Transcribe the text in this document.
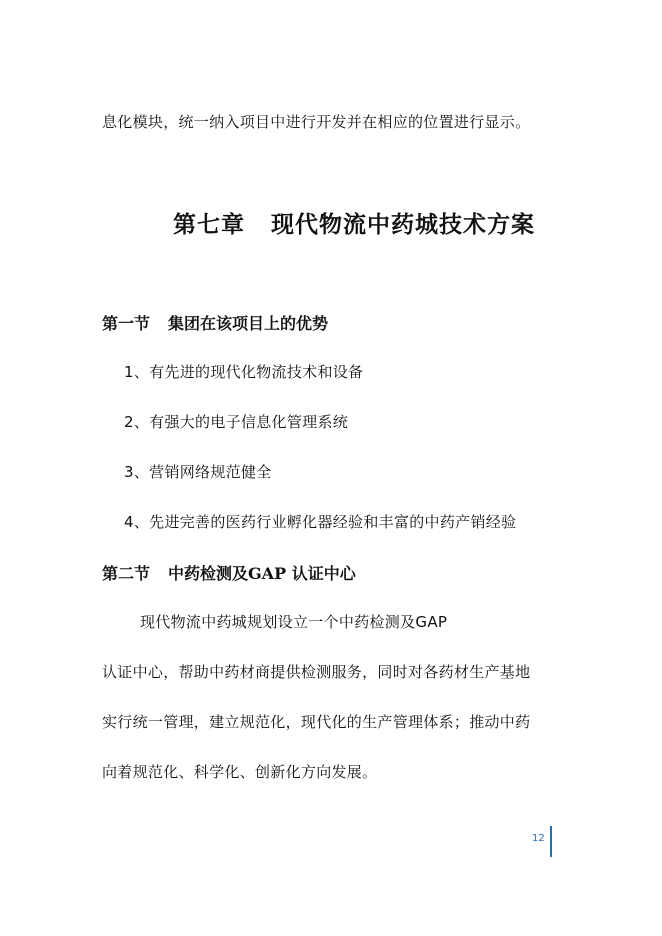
息化模块，统一纳入项目中进行开发并在相应的位置进行显示。
第七章 现代物流中药城技术方案
第一节 集团在该项目上的优势
1、有先进的现代化物流技术和设备
2、有强大的电子信息化管理系统
3、营销网络规范健全
4、先进完善的医药行业孵化器经验和丰富的中药产销经验
第二节 中药检测及GAP 认证中心
现代物流中药城规划设立一个中药检测及GAP
认证中心，帮助中药材商提供检测服务，同时对各药材生产基地
实行统一管理，建立规范化，现代化的生产管理体系；推动中药
向着规范化、科学化、创新化方向发展。
12
